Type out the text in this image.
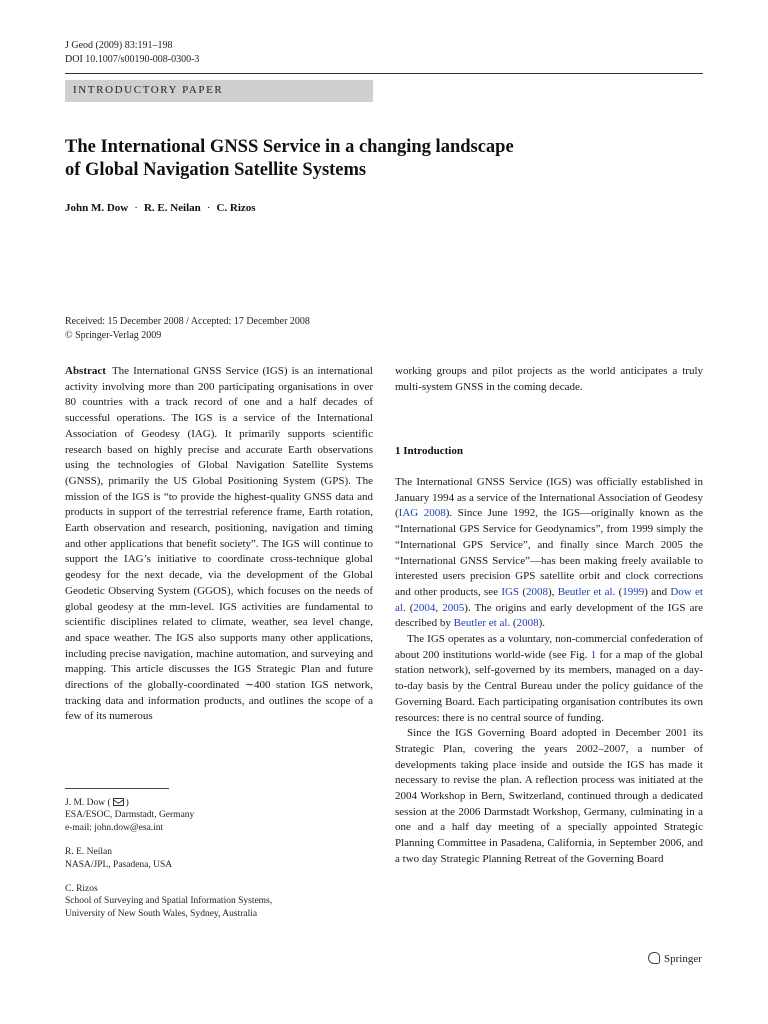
J Geod (2009) 83:191–198
DOI 10.1007/s00190-008-0300-3
INTRODUCTORY PAPER
The International GNSS Service in a changing landscape
of Global Navigation Satellite Systems
John M. Dow · R. E. Neilan · C. Rizos
Received: 15 December 2008 / Accepted: 17 December 2008
© Springer-Verlag 2009

Abstract The International GNSS Service (IGS) is an international activity involving more than 200 participating organisations in over 80 countries with a track record of one and a half decades of successful operations. The IGS is a service of the International Association of Geodesy (IAG). It primarily supports scientific research based on highly precise and accurate Earth observations using the technologies of Global Navigation Satellite Systems (GNSS), primarily the US Global Positioning System (GPS). The mission of the IGS is “to provide the highest-quality GNSS data and products in support of the terrestrial reference frame, Earth rotation, Earth observation and research, positioning, navigation and timing and other applications that benefit society”. The IGS will continue to support the IAG’s initiative to coordinate cross-technique global geodesy for the next decade, via the development of the Global Geodetic Observing System (GGOS), which focuses on the needs of global geodesy at the mm-level. IGS activities are fundamental to scientific disciplines related to climate, weather, sea level change, and space weather. The IGS also supports many other applications, including precise navigation, machine automation, and surveying and mapping. This article discusses the IGS Strategic Plan and future directions of the globally-coordinated ∼400 station IGS network, tracking data and information products, and outlines the scope of a few of its numerous

working groups and pilot projects as the world anticipates a truly multi-system GNSS in the coming decade.

1 Introduction

The International GNSS Service (IGS) was officially established in January 1994 as a service of the International Association of Geodesy (IAG 2008). Since June 1992, the IGS—originally known as the “International GPS Service for Geodynamics”, from 1999 simply the “International GPS Service”, and finally since March 2005 the “International GNSS Service”—has been making freely available to interested users precision GPS satellite orbit and clock corrections and other products, see IGS (2008), Beutler et al. (1999) and Dow et al. (2004, 2005). The origins and early development of the IGS are described by Beutler et al. (2008).

The IGS operates as a voluntary, non-commercial confederation of about 200 institutions world-wide (see Fig. 1 for a map of the global station network), self-governed by its members, managed on a day-to-day basis by the Central Bureau under the policy guidance of the Governing Board. Each participating organisation contributes its own resources: there is no central source of funding.

Since the IGS Governing Board adopted in December 2001 its Strategic Plan, covering the years 2002–2007, a number of developments taking place inside and outside the IGS has made it necessary to revise the plan. A reflection process was initiated at the 2004 Workshop in Bern, Switzerland, continued through a dedicated session at the 2006 Darmstadt Workshop, Germany, culminating in a one and a half day meeting of a specially appointed Strategic Planning Committee in Pasadena, California, in September 2006, and a two day Strategic Planning Retreat of the Governing Board

J. M. Dow ( )
ESA/ESOC, Darmstadt, Germany
e-mail: john.dow@esa.int
R. E. Neilan
NASA/JPL, Pasadena, USA
C. Rizos
School of Surveying and Spatial Information Systems,
University of New South Wales, Sydney, Australia
Springer
